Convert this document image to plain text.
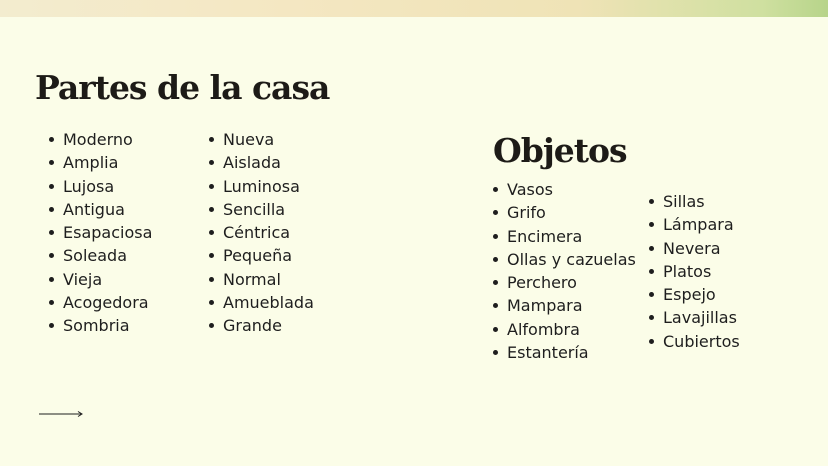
Partes de la casa
Moderno
Amplia
Lujosa
Antigua
Esapaciosa
Soleada
Vieja
Acogedora
Sombria
Nueva
Aislada
Luminosa
Sencilla
Céntrica
Pequeña
Normal
Amueblada
Grande
Objetos
Vasos
Grifo
Encimera
Ollas y cazuelas
Perchero
Mampara
Alfombra
Estantería
Sillas
Lámpara
Nevera
Platos
Espejo
Lavajillas
Cubiertos
